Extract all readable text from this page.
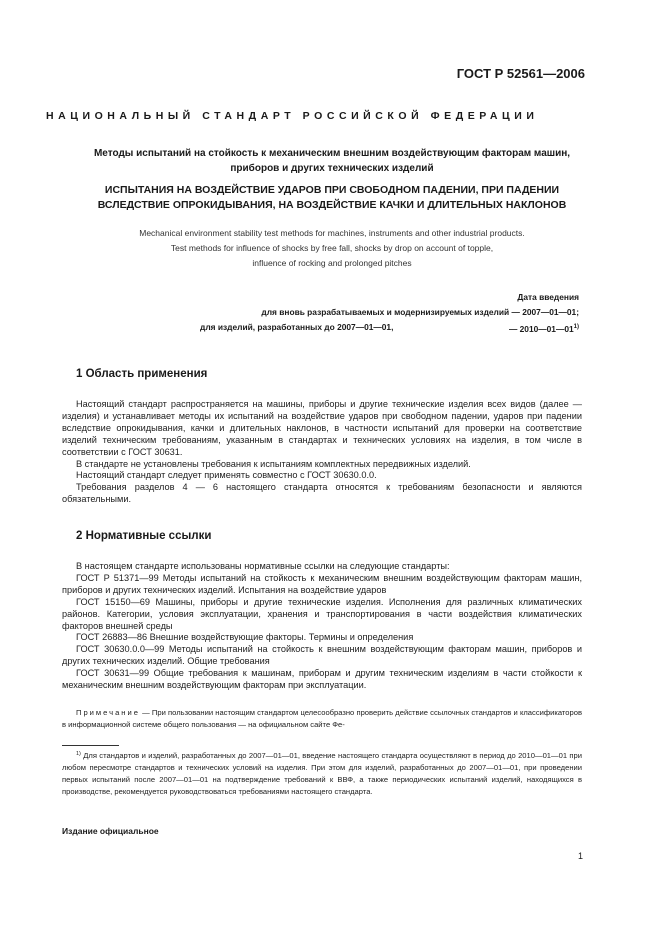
ГОСТ Р 52561—2006
НАЦИОНАЛЬНЫЙ СТАНДАРТ РОССИЙСКОЙ ФЕДЕРАЦИИ
Методы испытаний на стойкость к механическим внешним воздействующим факторам машин,
приборов и других технических изделий
ИСПЫТАНИЯ НА ВОЗДЕЙСТВИЕ УДАРОВ ПРИ СВОБОДНОМ ПАДЕНИИ, ПРИ ПАДЕНИИ
ВСЛЕДСТВИЕ ОПРОКИДЫВАНИЯ, НА ВОЗДЕЙСТВИЕ КАЧКИ И ДЛИТЕЛЬНЫХ НАКЛОНОВ
Mechanical environment stability test methods for machines, instruments and other industrial products.
Test methods for influence of shocks by free fall, shocks by drop on account of topple,
influence of rocking and prolonged pitches
Дата введения
для вновь разрабатываемых и модернизируемых изделий — 2007—01—01;
для изделий, разработанных до 2007—01—01,	— 2010—01—01$^{1)}$
1 Область применения

Настоящий стандарт распространяется на машины, приборы и другие технические изделия всех видов (далее — изделия) и устанавливает методы их испытаний на воздействие ударов при свободном падении, ударов при падении вследствие опрокидывания, качки и длительных наклонов, в частности испытаний для проверки на соответствие изделий техническим требованиям, указанным в стандартах и технических условиях на изделия, в том числе в соответствии с ГОСТ 30631.

В стандарте не установлены требования к испытаниям комплектных передвижных изделий.

Настоящий стандарт следует применять совместно с ГОСТ 30630.0.0.

Требования разделов 4 — 6 настоящего стандарта относятся к требованиям безопасности и являются обязательными.

2 Нормативные ссылки

В настоящем стандарте использованы нормативные ссылки на следующие стандарты:

ГОСТ Р 51371—99 Методы испытаний на стойкость к механическим внешним воздействующим факторам машин, приборов и других технических изделий. Испытания на воздействие ударов

ГОСТ 15150—69 Машины, приборы и другие технические изделия. Исполнения для различных климатических районов. Категории, условия эксплуатации, хранения и транспортирования в части воздействия климатических факторов внешней среды

ГОСТ 26883—86 Внешние воздействующие факторы. Термины и определения

ГОСТ 30630.0.0—99 Методы испытаний на стойкость к внешним воздействующим факторам машин, приборов и других технических изделий. Общие требования

ГОСТ 30631—99 Общие требования к машинам, приборам и другим техническим изделиям в части стойкости к механическим внешним воздействующим факторам при эксплуатации.

Примечание — При пользовании настоящим стандартом целесообразно проверить действие ссылочных стандартов и классификаторов в информационной системе общего пользования — на официальном сайте Фе-

$^{1)}$ Для стандартов и изделий, разработанных до 2007—01—01, введение настоящего стандарта осуществляют в период до 2010—01—01 при любом пересмотре стандартов и технических условий на изделия. При этом для изделий, разработанных до 2007—01—01, при проведении первых испытаний после 2007—01—01 на подтверждение требований к ВВФ, а также периодических испытаний изделий, находящихся в производстве, рекомендуется руководствоваться требованиями настоящего стандарта.

Издание официальное
1
